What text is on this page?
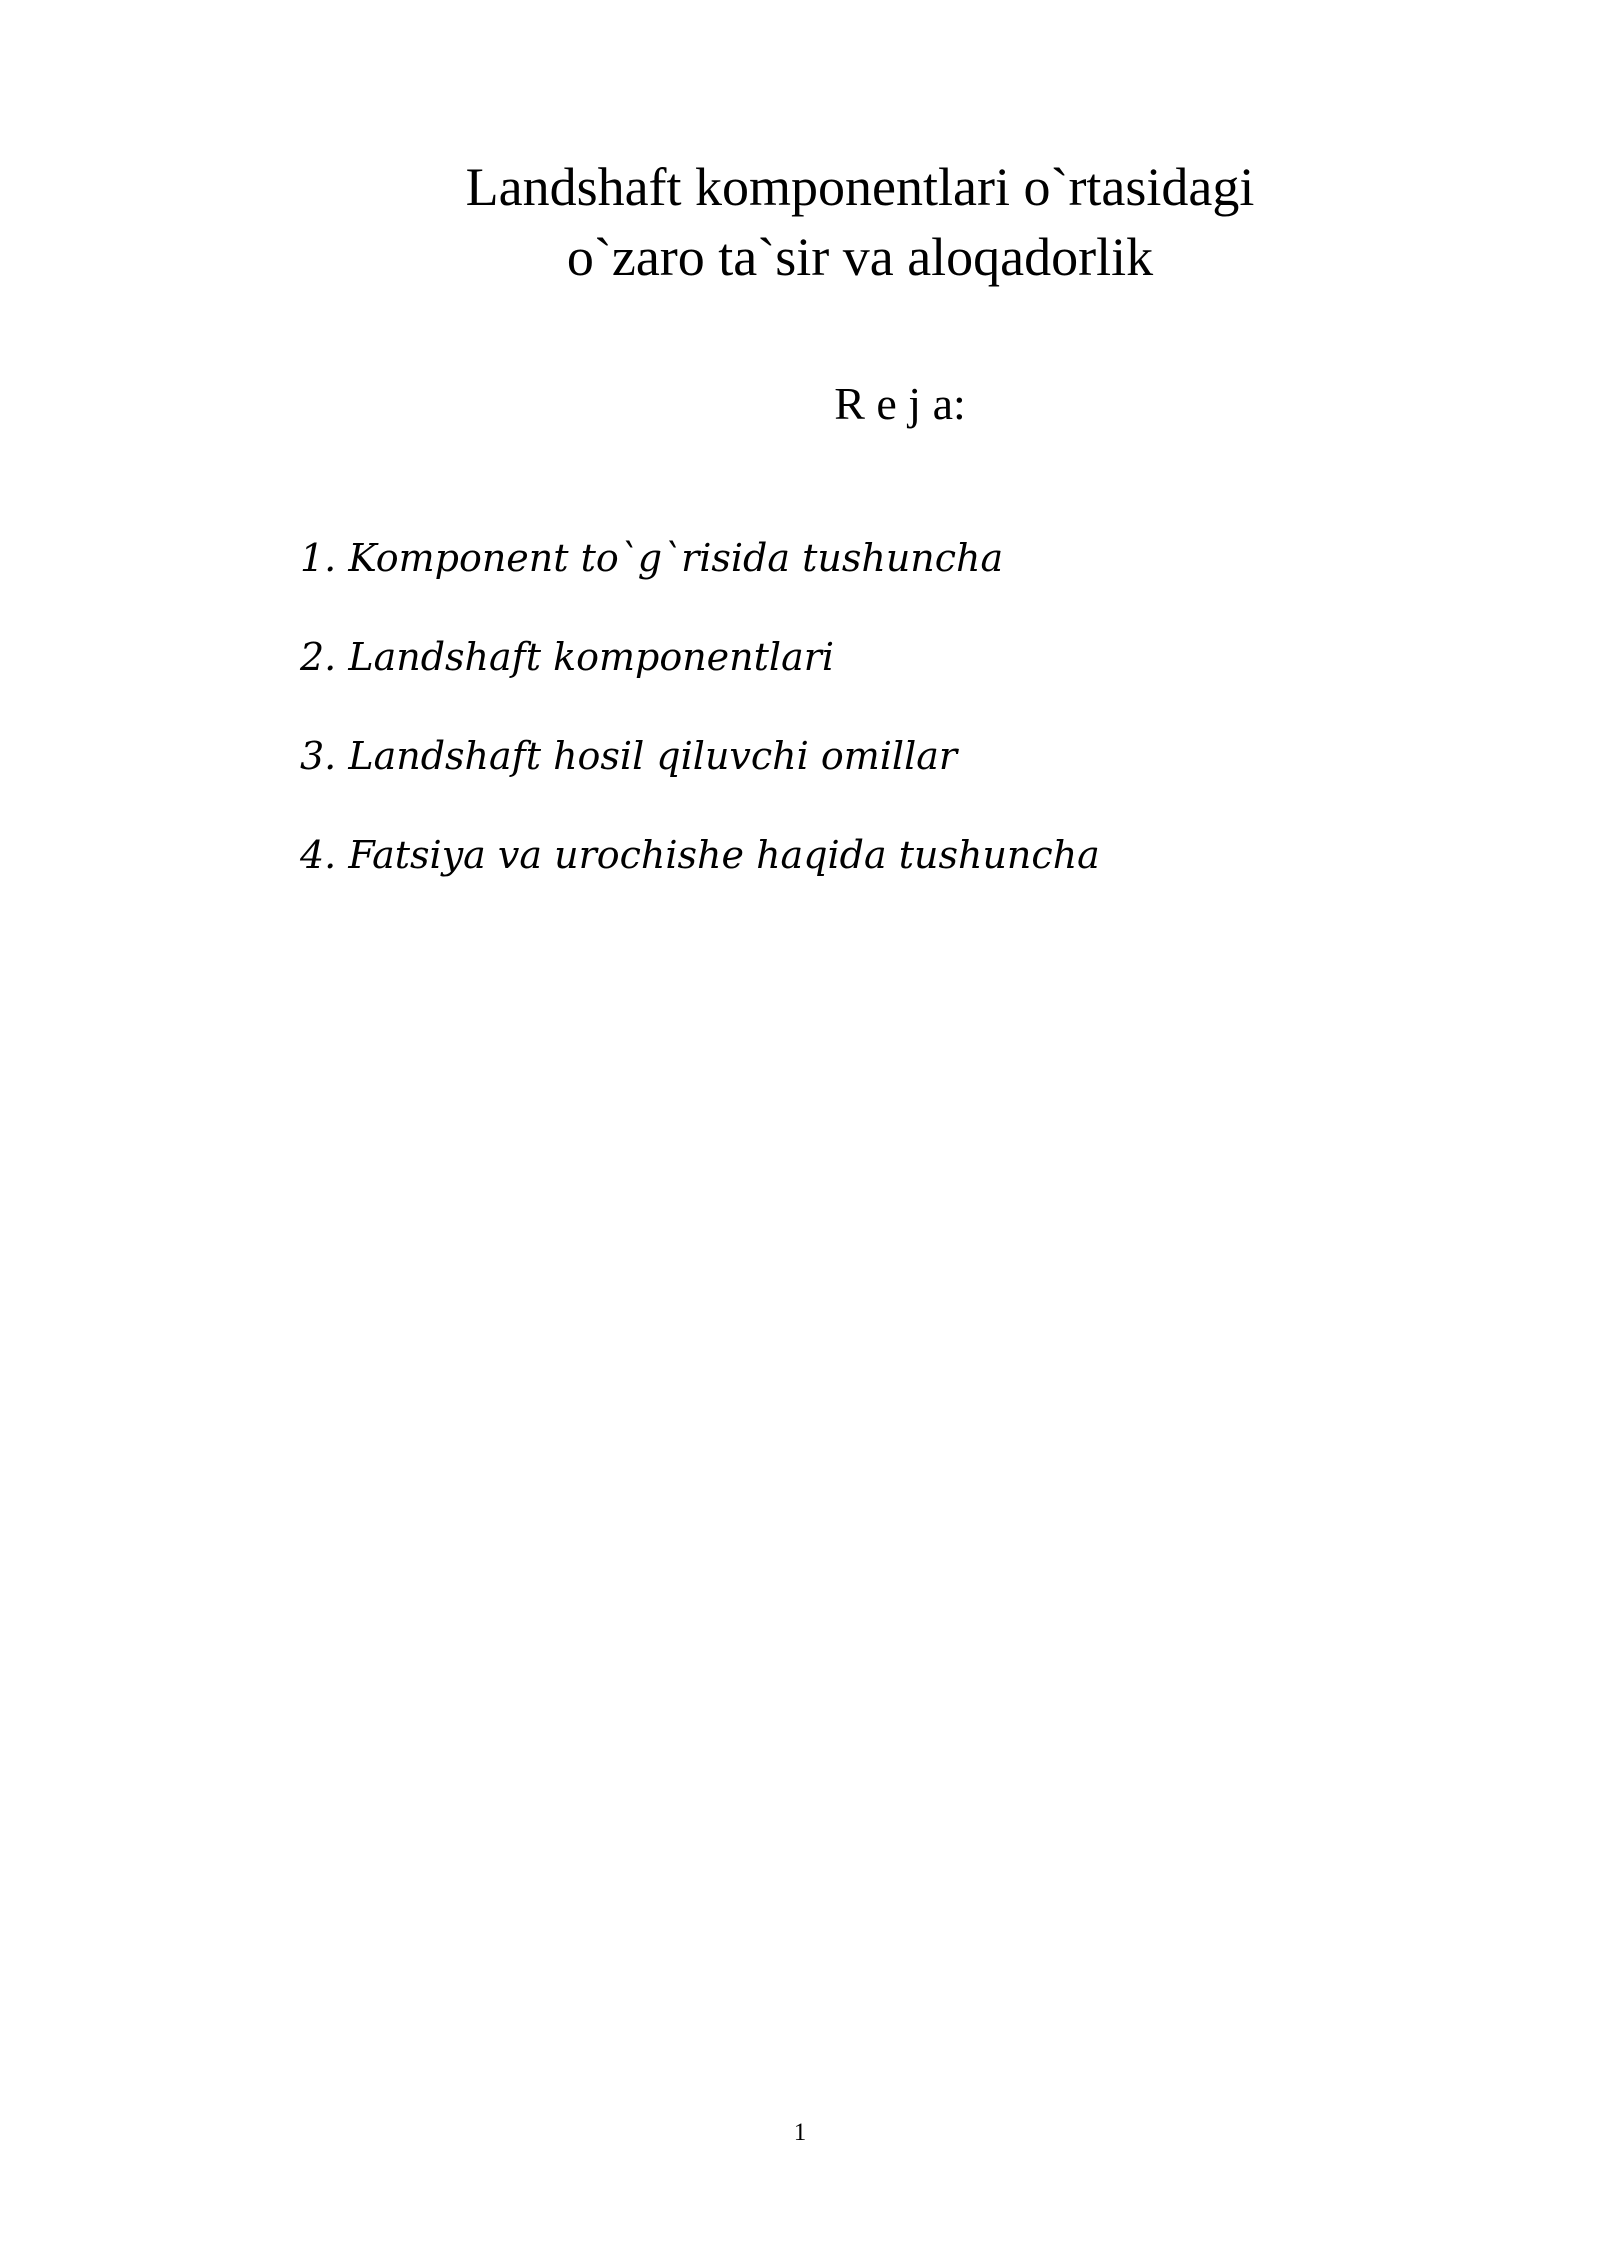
Landshaft komponentlari o`rtasidagi
o`zaro ta`sir va aloqadorlik
R e j a:
1. Komponent to`g`risida tushuncha
2. Landshaft komponentlari
3. Landshaft hosil qiluvchi omillar
4. Fatsiya va urochishe haqida tushuncha
1
